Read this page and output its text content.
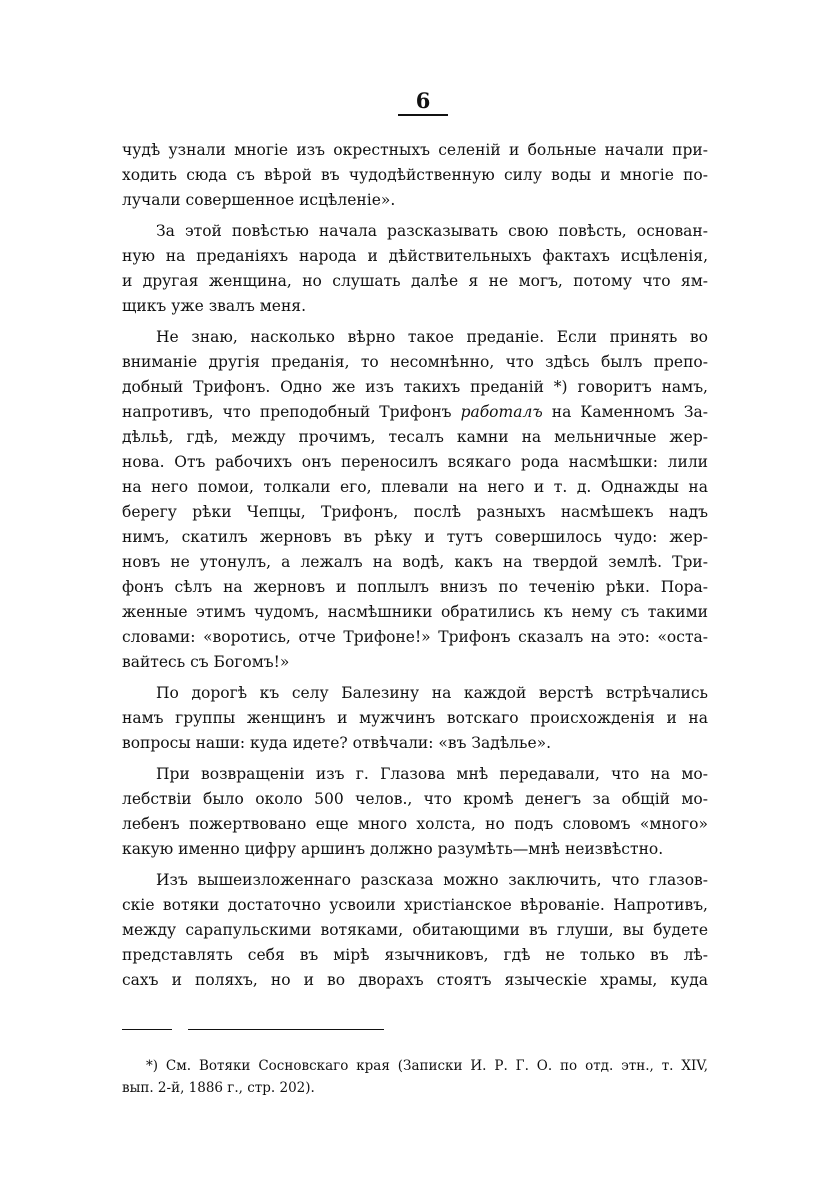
6
чудѣ узнали многіе изъ окрестныхъ селеній и больные начали при-
ходить сюда съ вѣрой въ чудодѣйственную силу воды и многіе по-
лучали совершенное исцѣленіе».
За этой повѣстью начала разсказывать свою повѣсть, основан-
ную на преданіяхъ народа и дѣйствительныхъ фактахъ исцѣленія,
и другая женщина, но слушать далѣе я не могъ, потому что ям-
щикъ уже звалъ меня.
Не знаю, насколько вѣрно такое преданіе. Если принять во
вниманіе другія преданія, то несомнѣнно, что здѣсь былъ препо-
добный Трифонъ. Одно же изъ такихъ преданій *) говоритъ намъ,
напротивъ, что преподобный Трифонъ работалъ на Каменномъ За-
дѣльѣ, гдѣ, между прочимъ, тесалъ камни на мельничные жер-
нова. Отъ рабочихъ онъ переносилъ всякаго рода насмѣшки: лили
на него помои, толкали его, плевали на него и т. д. Однажды на
берегу рѣки Чепцы, Трифонъ, послѣ разныхъ насмѣшекъ надъ
нимъ, скатилъ жерновъ въ рѣку и тутъ совершилось чудо: жер-
новъ не утонулъ, а лежалъ на водѣ, какъ на твердой землѣ. Три-
фонъ сѣлъ на жерновъ и поплылъ внизъ по теченію рѣки. Пора-
женные этимъ чудомъ, насмѣшники обратились къ нему съ такими
словами: «воротись, отче Трифоне!» Трифонъ сказалъ на это: «оста-
вайтесь съ Богомъ!»
По дорогѣ къ селу Балезину на каждой верстѣ встрѣчались
намъ группы женщинъ и мужчинъ вотскаго происхожденія и на
вопросы наши: куда идете? отвѣчали: «въ Задѣлье».
При возвращеніи изъ г. Глазова мнѣ передавали, что на мо-
лебствіи было около 500 челов., что кромѣ денегъ за общій мо-
лебенъ пожертвовано еще много холста, но подъ словомъ «много»
какую именно цифру аршинъ должно разумѣть—мнѣ неизвѣстно.
Изъ вышеизложеннаго разсказа можно заключить, что глазов-
скіе вотяки достаточно усвоили христіанское вѣрованіе. Напротивъ,
между сарапульскими вотяками, обитающими въ глуши, вы будете
представлять себя въ мірѣ язычниковъ, гдѣ не только въ лѣ-
сахъ и поляхъ, но и во дворахъ стоятъ языческіе храмы, куда
*) См. Вотяки Сосновскаго края (Записки И. Р. Г. О. по отд. этн., т. XIV,
вып. 2-й, 1886 г., стр. 202).
